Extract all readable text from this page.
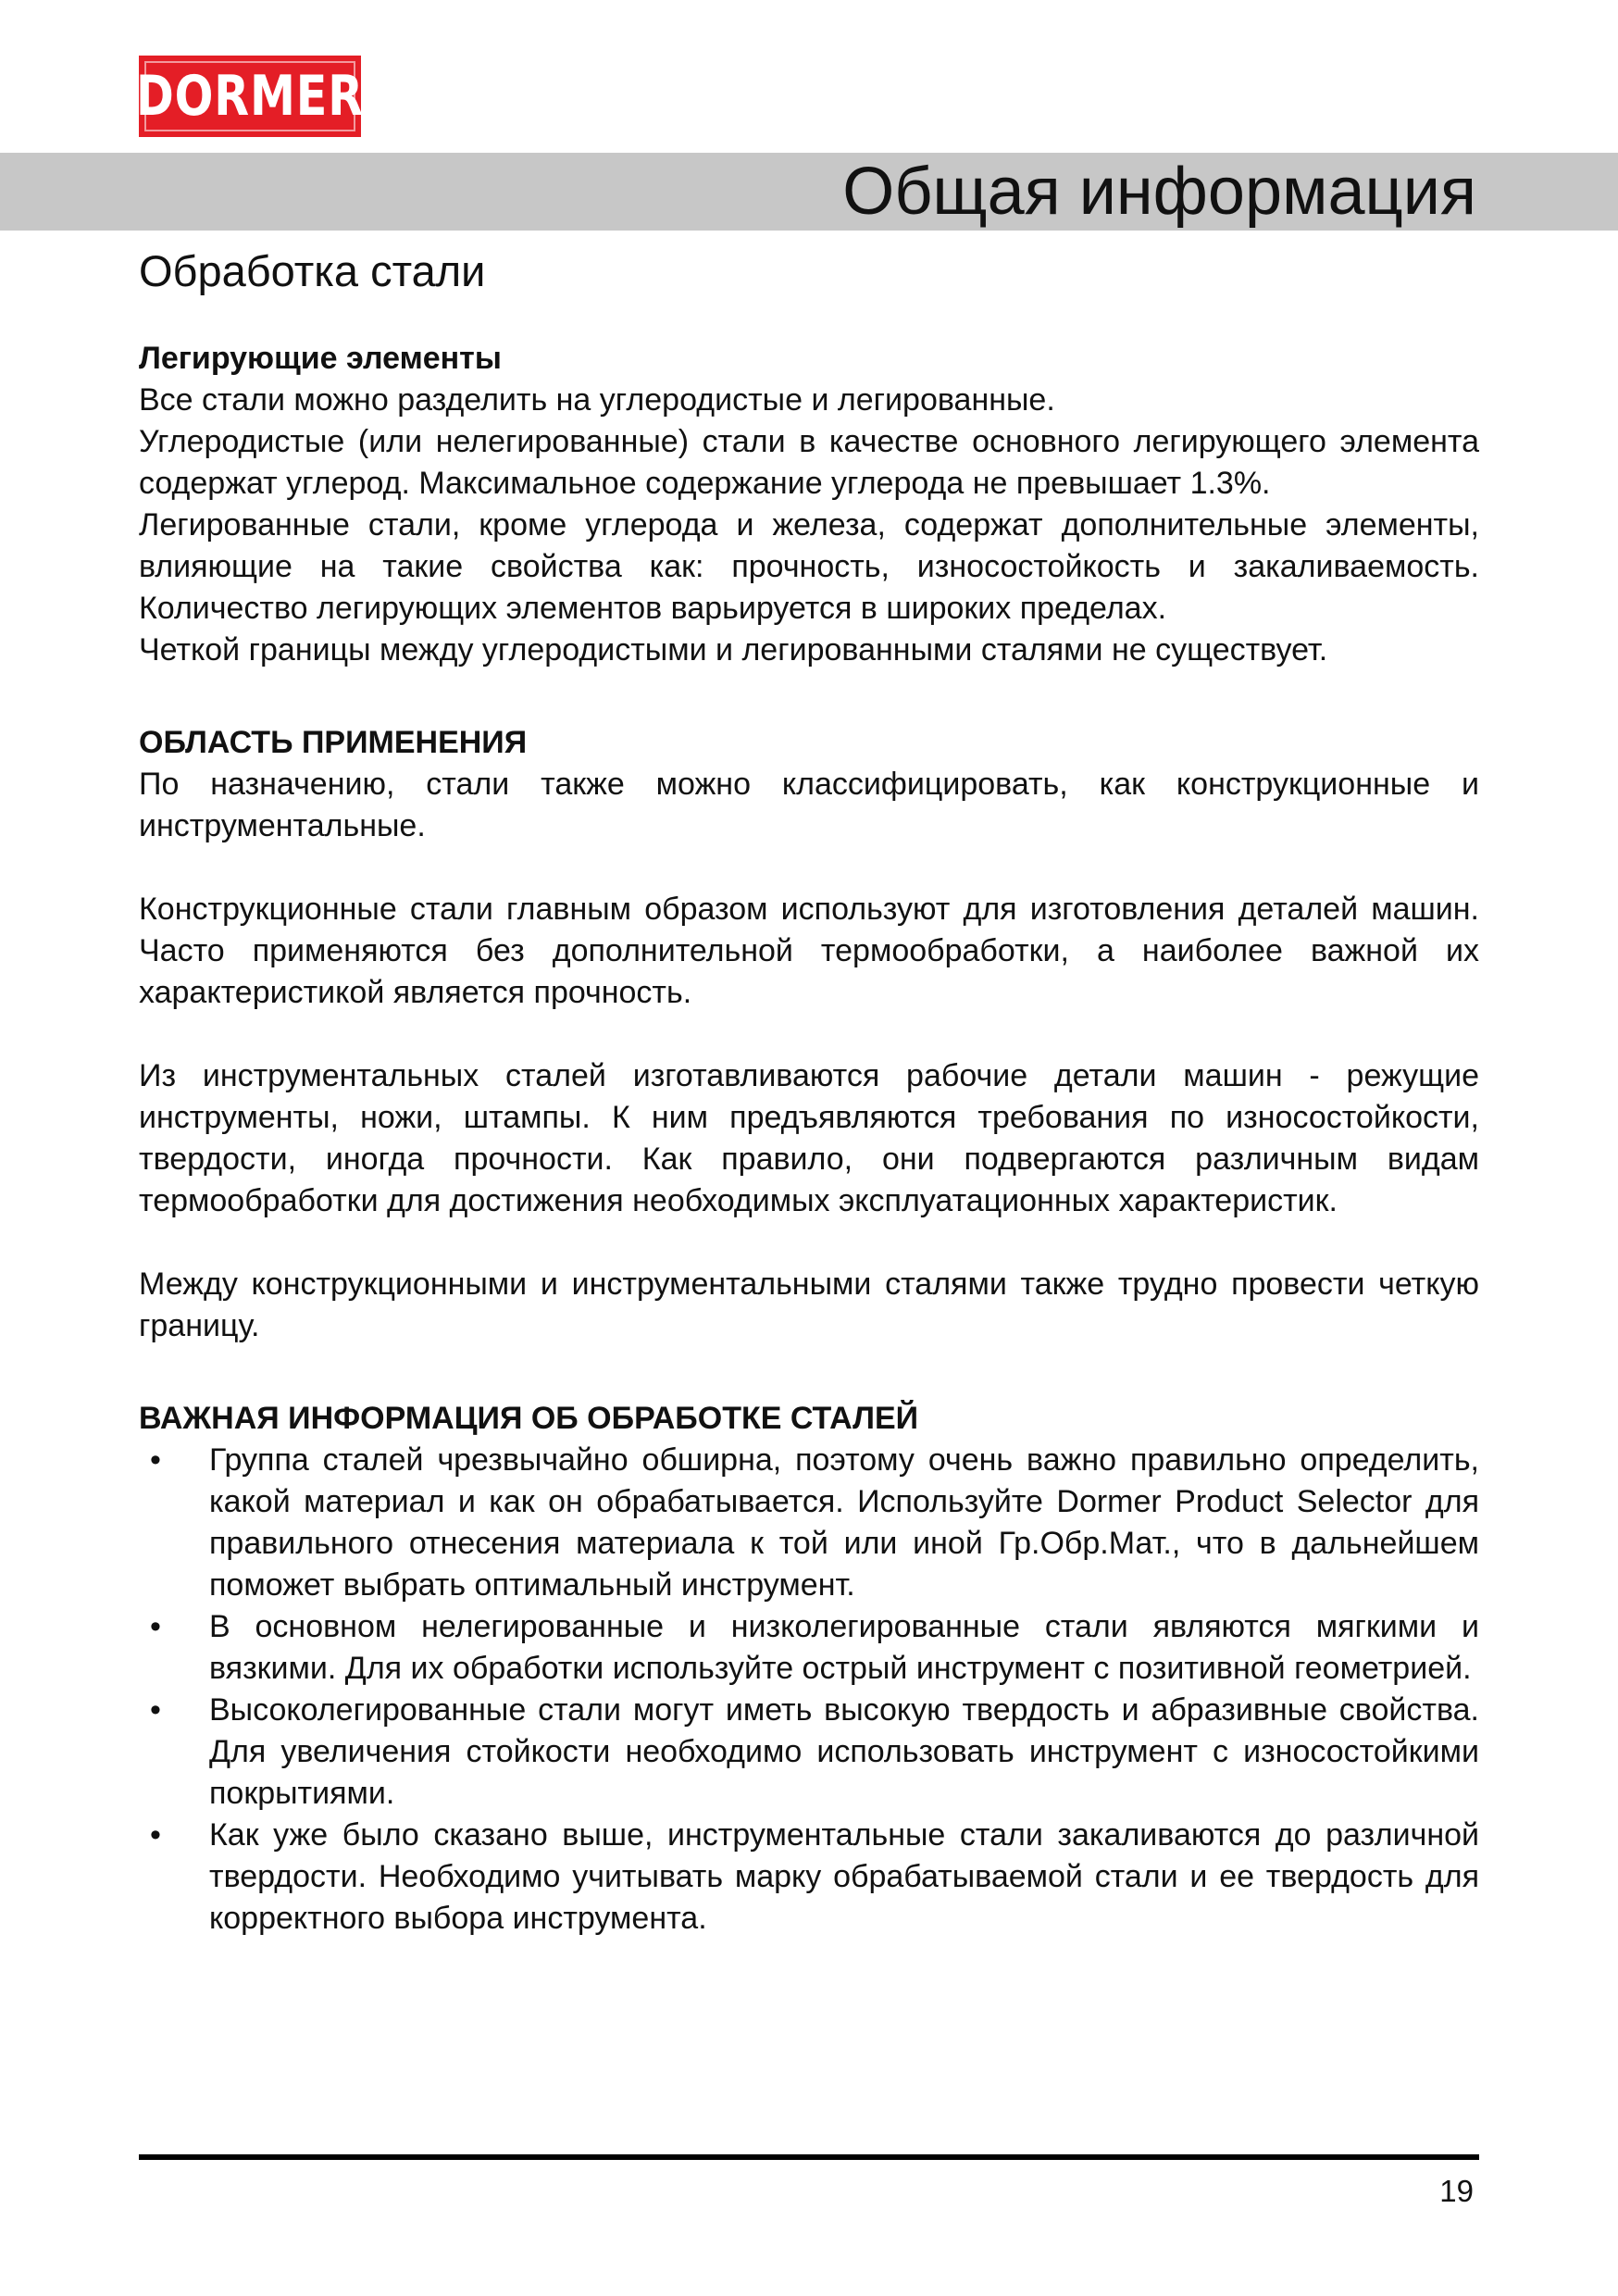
DORMER
Общая информация
Обработка стали

Легирующие элементы

Все стали можно разделить на углеродистые и легированные.

Углеродистые (или нелегированные) стали в качестве основного легирующего элемента содержат углерод. Максимальное содержание углерода не превышает 1.3%.

Легированные стали, кроме углерода и железа, содержат дополнительные элементы, влияющие на такие свойства как: прочность, износостойкость и закаливаемость. Количество легирующих элементов варьируется в широких пределах.

Четкой границы между углеродистыми и легированными сталями не существует.

ОБЛАСТЬ ПРИМЕНЕНИЯ

По назначению, стали также можно классифицировать, как конструкционные и инструментальные.

Конструкционные стали главным образом используют для изготовления деталей машин. Часто применяются без дополнительной термообработки, а наиболее важной их характеристикой является прочность.

Из инструментальных сталей изготавливаются рабочие детали машин - режущие инструменты, ножи, штампы. К ним предъявляются требования по износостойкости, твердости, иногда прочности. Как правило, они подвергаются различным видам термообработки для достижения необходимых эксплуатационных характеристик.

Между конструкционными и инструментальными сталями также трудно провести четкую границу.

ВАЖНАЯ ИНФОРМАЦИЯ ОБ ОБРАБОТКЕ СТАЛЕЙ

• Группа сталей чрезвычайно обширна, поэтому очень важно правильно определить, какой материал и как он обрабатывается. Используйте Dormer Product Selector для правильного отнесения материала к той или иной Гр.Обр.Мат., что в дальнейшем поможет выбрать оптимальный инструмент.
• В основном нелегированные и низколегированные стали являются мягкими и вязкими. Для их обработки используйте острый инструмент с позитивной геометрией.
• Высоколегированные стали могут иметь высокую твердость и абразивные свойства. Для увеличения стойкости необходимо использовать инструмент с износостойкими покрытиями.
• Как уже было сказано выше, инструментальные стали закаливаются до различной твердости. Необходимо учитывать марку обрабатываемой стали и ее твердость для корректного выбора инструмента.
19
